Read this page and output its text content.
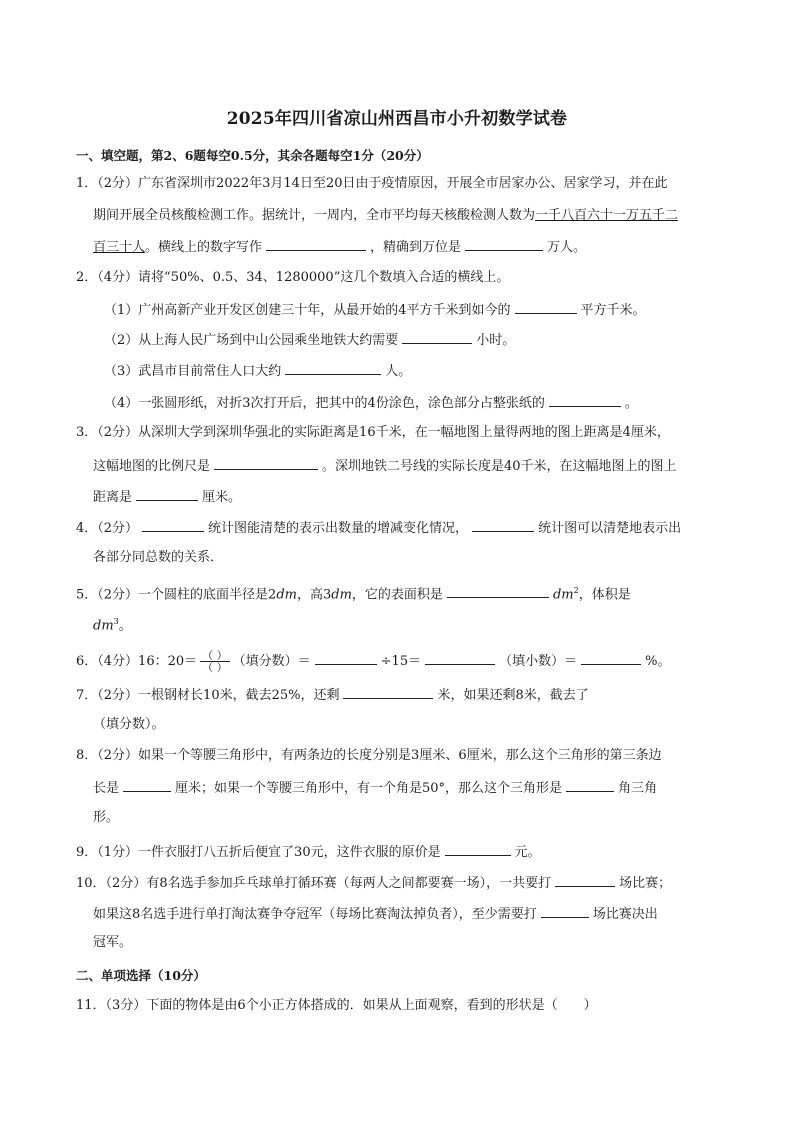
2025年四川省凉山州西昌市小升初数学试卷
一、填空题，第2、6题每空0.5分，其余各题每空1分（20分）
1．（2分）广东省深圳市2022年3月14日至20日由于疫情原因，开展全市居家办公、居家学习，并在此
期间开展全员核酸检测工作。据统计，一周内，全市平均每天核酸检测人数为一千八百六十一万五千二
百三十人。横线上的数字写作	，精确到万位是	万人。
2．（4分）请将“50%、0.5、34、1280000”这几个数填入合适的横线上。
（1）广州高新产业开发区创建三十年，从最开始的4平方千米到如今的	平方千米。
（2）从上海人民广场到中山公园乘坐地铁大约需要	小时。
（3）武昌市目前常住人口大约	人。
（4）一张圆形纸，对折3次打开后，把其中的4份涂色，涂色部分占整张纸的	。
3．（2分）从深圳大学到深圳华强北的实际距离是16千米，在一幅地图上量得两地的图上距离是4厘米，
这幅地图的比例尺是	。深圳地铁二号线的实际长度是40千米，在这幅地图上的图上
距离是	厘米。
4．（2分）	统计图能清楚的表示出数量的增减变化情况，	统计图可以清楚地表示出
各部分同总数的关系．
5．（2分）一个圆柱的底面半径是2dm，高3dm，它的表面积是	$dm^2$，体积是
$dm^3$。
6．（4分）16：$20= \frac{( )}{( )}$ （填分数）＝	÷15＝	（填小数）＝	%。
7．（2分）一根钢材长10米，截去25%，还剩	米，如果还剩8米，截去了
（填分数）。
8．（2分）如果一个等腰三角形中，有两条边的长度分别是3厘米、6厘米，那么这个三角形的第三条边
长是	厘米；如果一个等腰三角形中，有一个角是50°，那么这个三角形是	角三角
形。
9．（1分）一件衣服打八五折后便宜了30元，这件衣服的原价是	元。
10．（2分）有8名选手参加乒乓球单打循环赛（每两人之间都要赛一场），一共要打	场比赛；
如果这8名选手进行单打淘汰赛争夺冠军（每场比赛淘汰掉负者），至少需要打	场比赛决出
冠军。
二、单项选择（10分）
11．（3分）下面的物体是由6个小正方体搭成的．如果从上面观察，看到的形状是（　　）
